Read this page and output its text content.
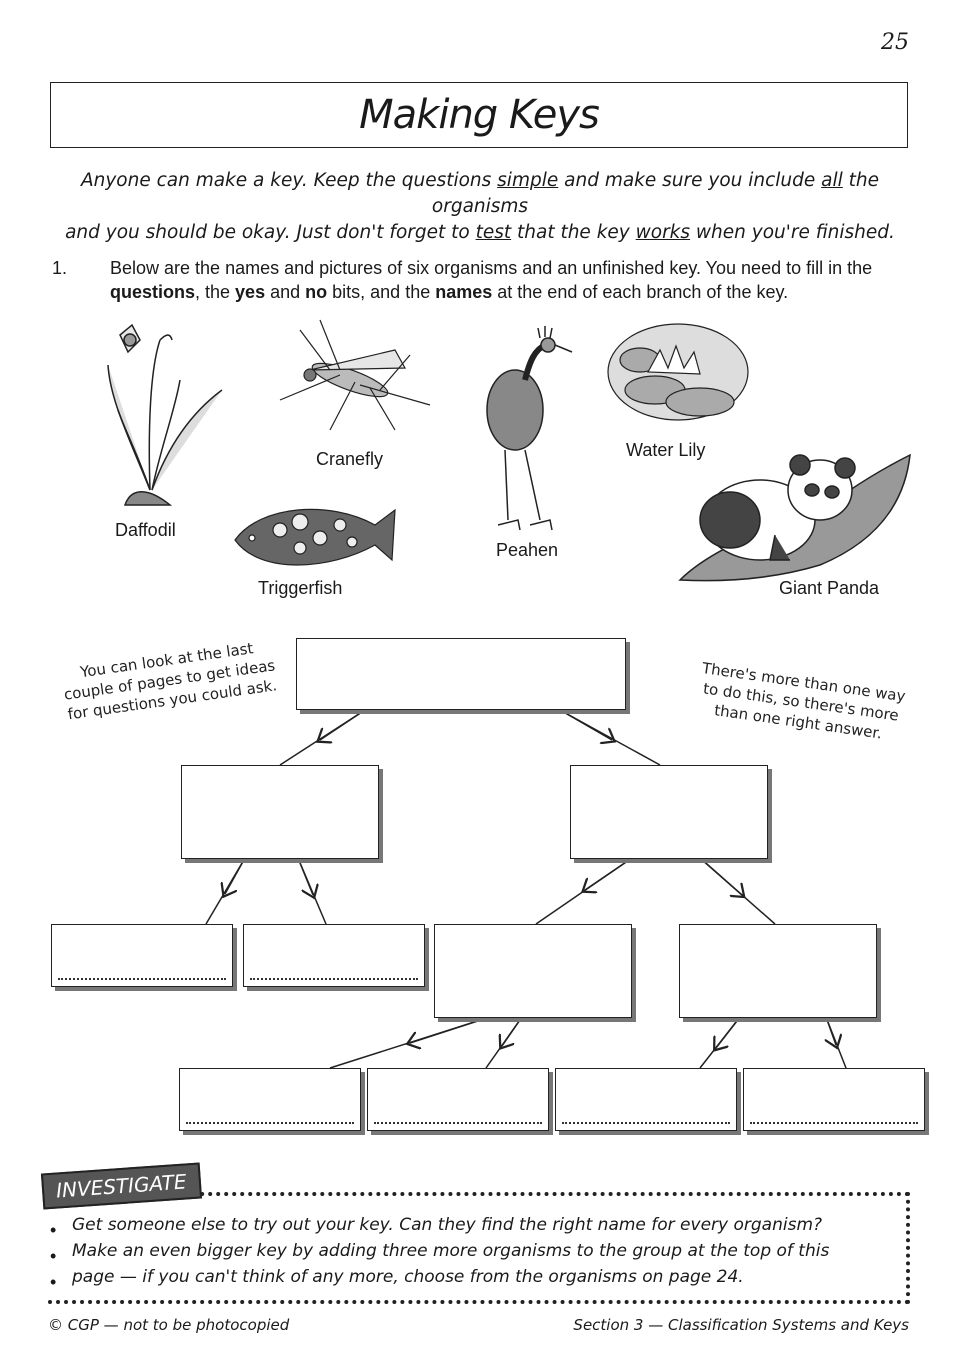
25
Making Keys
Anyone can make a key. Keep the questions simple and make sure you include all the organisms
and you should be okay. Just don't forget to test that the key works when you're finished.
1. Below are the names and pictures of six organisms and an unfinished key. You need to fill in the questions, the yes and no bits, and the names at the end of each branch of the key.
Daffodil
Cranefly
Triggerfish
Peahen
Water Lily
Giant Panda
You can look at the last couple of pages to get ideas for questions you could ask.	There's more than one way to do this, so there's more than one right answer.
INVESTIGATE
•
•
•
Get someone else to try out your key. Can they find the right name for every organism?
Make an even bigger key by adding three more organisms to the group at the top of this
page — if you can't think of any more, choose from the organisms on page 24.
© CGP — not to be photocopied	Section 3 — Classification Systems and Keys
